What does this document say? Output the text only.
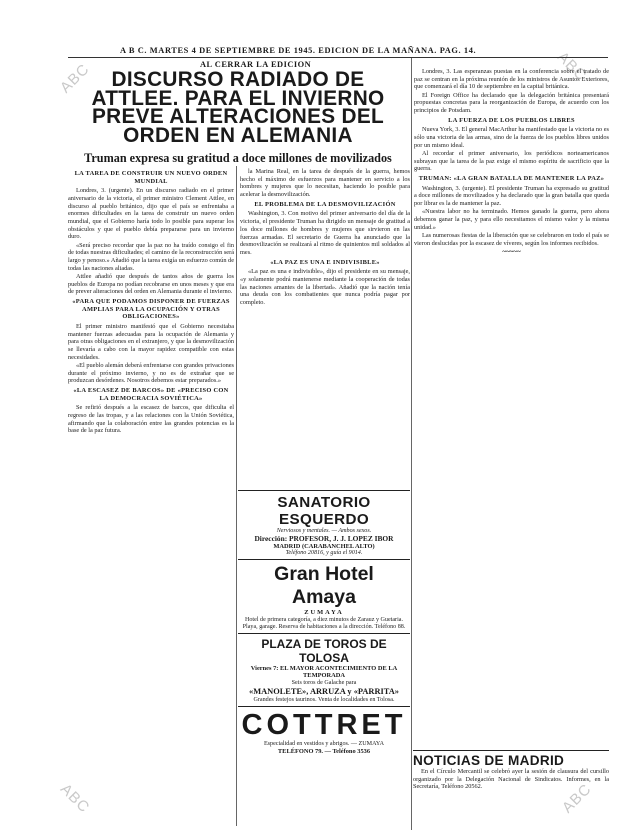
ABC	ABC
ABC	ABC
A B C. MARTES 4 DE SEPTIEMBRE DE 1945. EDICION DE LA MAÑANA. PAG. 14.
AL CERRAR LA EDICION
DISCURSO RADIADO DE ATTLEE. PARA EL INVIERNO PREVE ALTERACIONES DEL ORDEN EN ALEMANIA
Truman expresa su gratitud a doce millones de movilizados
LA TAREA DE CONSTRUIR UN NUEVO ORDEN MUNDIAL

Londres, 3. (urgente). En un discurso radiado en el primer aniversario de la victoria, el primer ministro Clement Attlee, en discurso al pueblo británico, dijo que el país se enfrentaba a enormes dificultades en la tarea de construir un nuevo orden mundial, que el Gobierno haría todo lo posible para superar los obstáculos y que el pueblo debía prepararse para un invierno duro.

«Será preciso recordar que la paz no ha traído consigo el fin de todas nuestras dificultades; el camino de la reconstrucción será largo y penoso.» Añadió que la tarea exigía un esfuerzo común de todas las naciones aliadas.

Attlee añadió que después de tantos años de guerra los pueblos de Europa no podían recobrarse en unos meses y que era de prever alteraciones del orden en Alemania durante el invierno.

«PARA QUE PODAMOS DISPONER DE FUERZAS AMPLIAS PARA LA OCUPACIÓN Y OTRAS OBLIGACIONES»

El primer ministro manifestó que el Gobierno necesitaba mantener fuerzas adecuadas para la ocupación de Alemania y para otras obligaciones en el extranjero, y que la desmovilización se llevaría a cabo con la mayor rapidez compatible con estas necesidades.

«El pueblo alemán deberá enfrentarse con grandes privaciones durante el próximo invierno, y no es de extrañar que se produzcan desórdenes. Nosotros debemos estar preparados.»

«LA ESCASEZ DE BARCOS» DE «PRECISO CON LA DEMOCRACIA SOVIÉTICA»

Se refirió después a la escasez de barcos, que dificulta el regreso de las tropas, y a las relaciones con la Unión Soviética, afirmando que la colaboración entre las grandes potencias es la base de la paz futura.

la Marina Real, en la tarea de después de la guerra, hemos hecho el máximo de esfuerzos para mantener en servicio a los hombres y mujeres que lo necesitan, haciendo lo posible para acelerar la desmovilización.

EL PROBLEMA DE LA DESMOVILIZACIÓN

Washington, 3. Con motivo del primer aniversario del día de la victoria, el presidente Truman ha dirigido un mensaje de gratitud a los doce millones de hombres y mujeres que sirvieron en las fuerzas armadas. El secretario de Guerra ha anunciado que la desmovilización se realizará al ritmo de quinientos mil soldados al mes.

«LA PAZ ES UNA E INDIVISIBLE»

«La paz es una e indivisible», dijo el presidente en su mensaje, «y solamente podrá mantenerse mediante la cooperación de todas las naciones amantes de la libertad». Añadió que la nación tenía una deuda con los combatientes que nunca podría pagar por completo.

SANATORIO ESQUERDO
Nerviosos y mentales. — Ambos sexos.
Dirección: PROFESOR, J. J. LOPEZ IBOR
MADRID (CARABANCHEL ALTO)
Teléfono 20816, y guía el 9014.
Gran Hotel Amaya
ZUMAYA
Hotel de primera categoría, a diez minutos de Zarauz y Guetaria. Playa, garage. Reserva de habitaciones a la dirección. Teléfono 88.
PLAZA DE TOROS DE TOLOSA
Viernes 7: EL MAYOR ACONTECIMIENTO DE LA TEMPORADA
Seis toros de Galache para
«MANOLETE», ARRUZA y «PARRITA»
Grandes festejos taurinos. Venta de localidades en Tolosa.
COTTRET
Especialidad en vestidos y abrigos. — ZUMAYA
TELÉFONO 79. — Teléfono 3536

Londres, 3. Las esperanzas puestas en la conferencia sobre el tratado de paz se centran en la próxima reunión de los ministros de Asuntos Exteriores, que comenzará el día 10 de septiembre en la capital británica.

El Foreign Office ha declarado que la delegación británica presentará propuestas concretas para la reorganización de Europa, de acuerdo con los principios de Potsdam.

LA FUERZA DE LOS PUEBLOS LIBRES

Nueva York, 3. El general MacArthur ha manifestado que la victoria no es sólo una victoria de las armas, sino de la fuerza de los pueblos libres unidos por un mismo ideal.

Al recordar el primer aniversario, los periódicos norteamericanos subrayan que la tarea de la paz exige el mismo espíritu de sacrificio que la guerra.

TRUMAN: «LA GRAN BATALLA DE MANTENER LA PAZ»

Washington, 3. (urgente). El presidente Truman ha expresado su gratitud a doce millones de movilizados y ha declarado que la gran batalla que queda por librar es la de mantener la paz.

«Nuestra labor no ha terminado. Hemos ganado la guerra, pero ahora debemos ganar la paz, y para ello necesitamos el mismo valor y la misma unidad.»

Las numerosas fiestas de la liberación que se celebraron en todo el país se vieron deslucidas por la escasez de víveres, según los informes recibidos.

~~~~~
NOTICIAS DE MADRID

En el Círculo Mercantil se celebró ayer la sesión de clausura del cursillo organizado por la Delegación Nacional de Sindicatos. Informes, en la Secretaría, Teléfono 20562.
